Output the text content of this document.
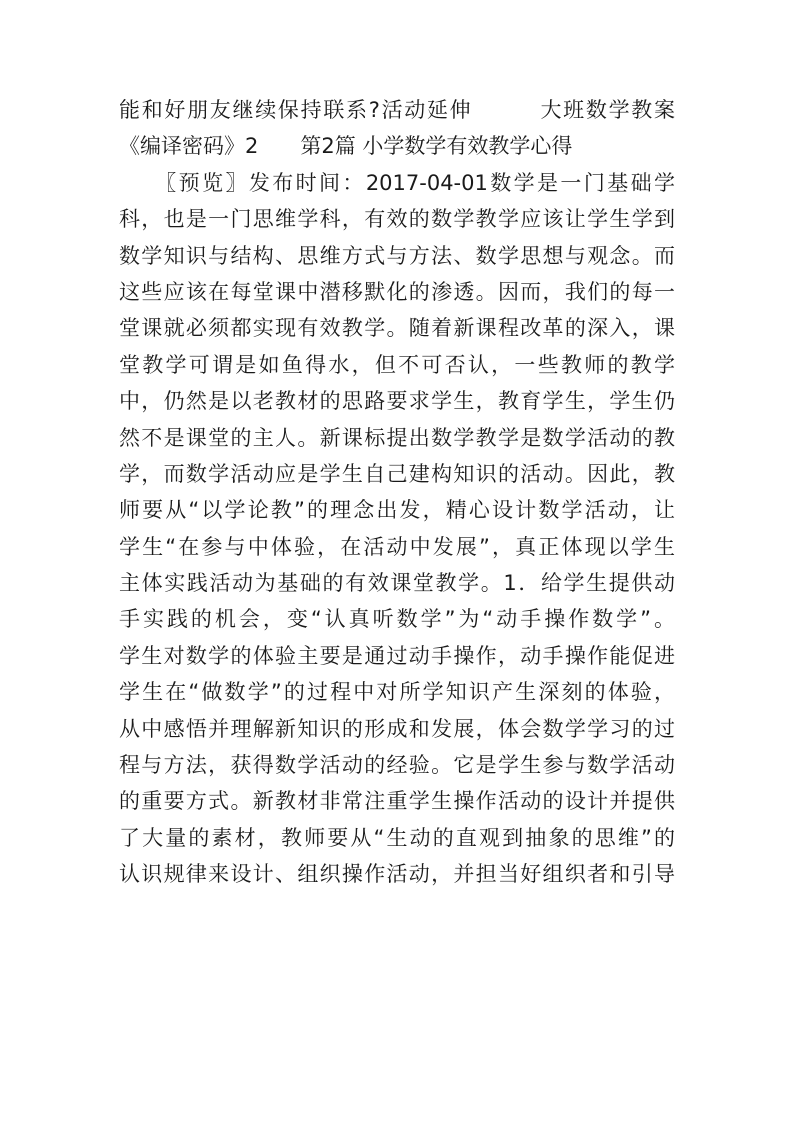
能和好朋友继续保持联系?活动延伸　　　大班数学教案
《编译密码》2　　第2篇 小学数学有效教学心得
　　〖预览〗发布时间：2017-04-01数学是一门基础学
科，也是一门思维学科，有效的数学教学应该让学生学到
数学知识与结构、思维方式与方法、数学思想与观念。而
这些应该在每堂课中潜移默化的渗透。因而，我们的每一
堂课就必须都实现有效教学。随着新课程改革的深入，课
堂教学可谓是如鱼得水，但不可否认，一些教师的教学
中，仍然是以老教材的思路要求学生，教育学生，学生仍
然不是课堂的主人。新课标提出数学教学是数学活动的教
学，而数学活动应是学生自己建构知识的活动。因此，教
师要从“以学论教”的理念出发，精心设计数学活动，让
学生“在参与中体验，在活动中发展”，真正体现以学生
主体实践活动为基础的有效课堂教学。1．给学生提供动
手实践的机会，变“认真听数学”为“动手操作数学”。
学生对数学的体验主要是通过动手操作，动手操作能促进
学生在“做数学”的过程中对所学知识产生深刻的体验，
从中感悟并理解新知识的形成和发展，体会数学学习的过
程与方法，获得数学活动的经验。它是学生参与数学活动
的重要方式。新教材非常注重学生操作活动的设计并提供
了大量的素材，教师要从“生动的直观到抽象的思维”的
认识规律来设计、组织操作活动，并担当好组织者和引导
